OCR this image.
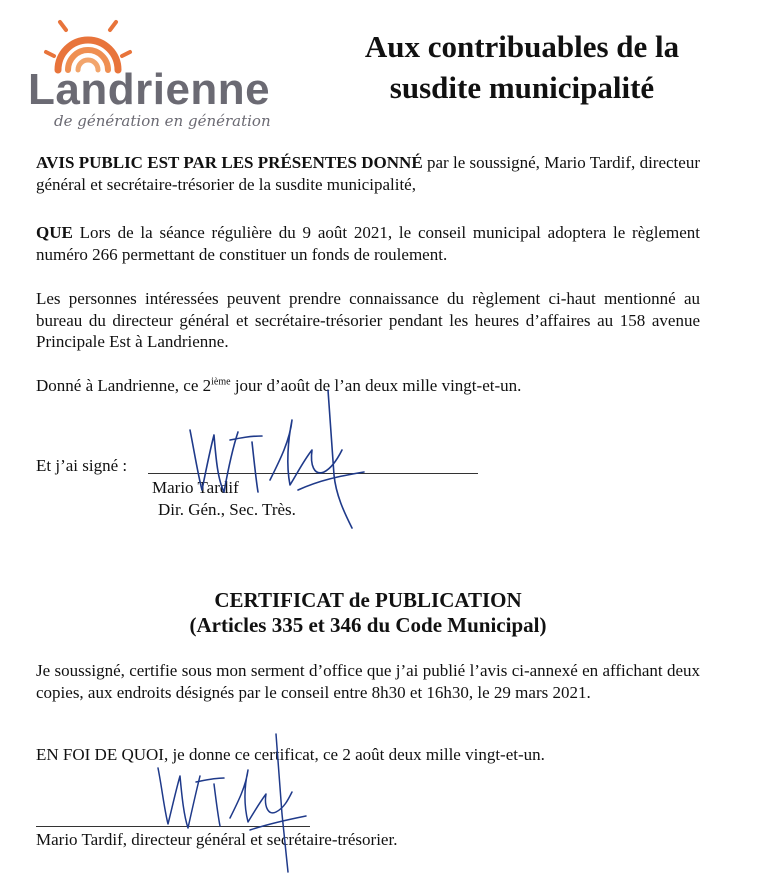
Landrienne
de génération en génération
Aux contribuables de la
susdite municipalité
AVIS PUBLIC EST PAR LES PRÉSENTES DONNÉ par le soussigné, Mario Tardif, directeur général et secrétaire-trésorier de la susdite municipalité,
QUE Lors de la séance régulière du 9 août 2021, le conseil municipal adoptera le règlement numéro 266 permettant de constituer un fonds de roulement.
Les personnes intéressées peuvent prendre connaissance du règlement ci-haut mentionné au bureau du directeur général et secrétaire-trésorier pendant les heures d’affaires au 158 avenue Principale Est à Landrienne.
Donné à Landrienne, ce 2ième jour d’août de l’an deux mille vingt-et-un.
Et j’ai signé :
Mario Tardif
Dir. Gén., Sec. Très.
CERTIFICAT de PUBLICATION
(Articles 335 et 346 du Code Municipal)
Je soussigné, certifie sous mon serment d’office que j’ai publié l’avis ci-annexé en affichant deux copies, aux endroits désignés par le conseil entre 8h30 et 16h30, le 29 mars 2021.
EN FOI DE QUOI, je donne ce certificat, ce 2 août deux mille vingt-et-un.
Mario Tardif, directeur général et secrétaire-trésorier.
